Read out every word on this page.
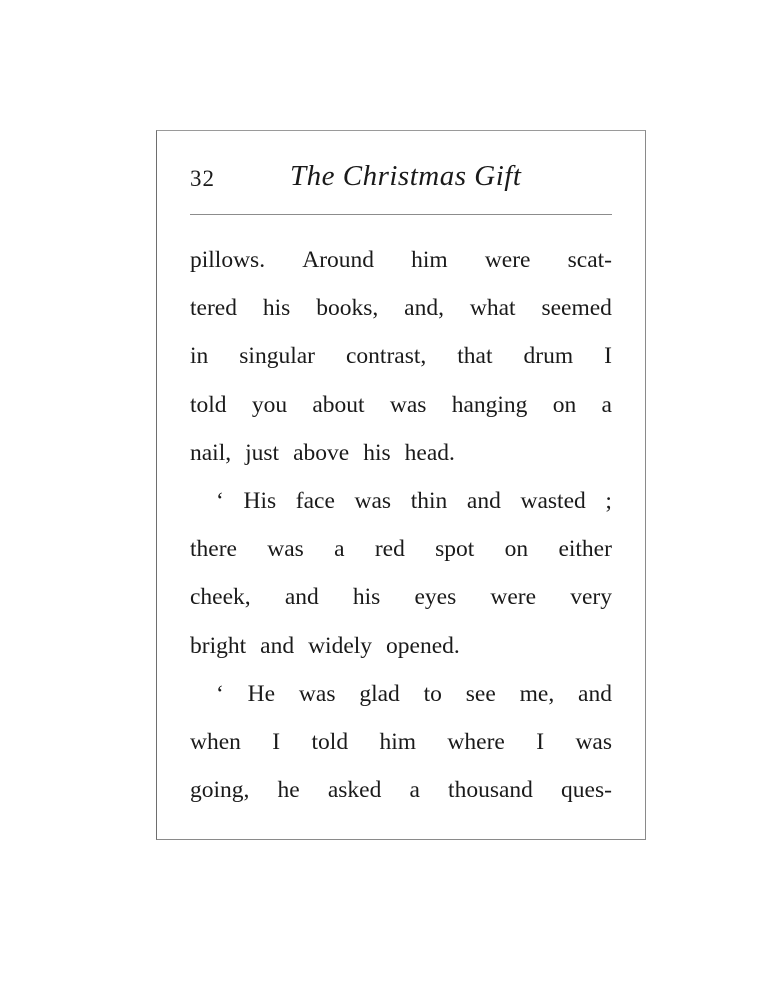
32	The Christmas Gift
pillows. Around him were scat-
tered his books, and, what seemed
in singular contrast, that drum I
told you about was hanging on a
nail, just above his head.
‘ His face was thin and wasted ;
there was a red spot on either
cheek, and his eyes were very
bright and widely opened.
‘ He was glad to see me, and
when I told him where I was
going, he asked a thousand ques-
